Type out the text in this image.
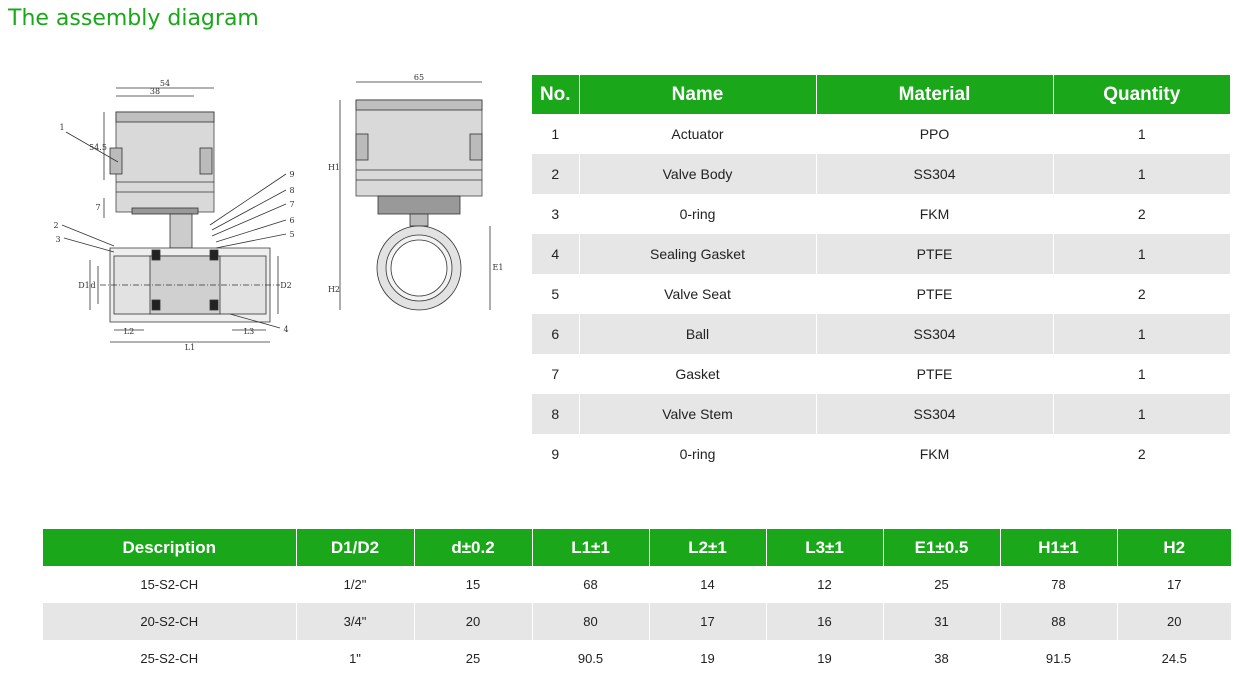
The assembly diagram
1
2
3
4
5
6
7
8
9
54
38
54.5
7
D1 d	D2
L2	L3
L1
65
H1
H2
E1
No.	Name	Material	Quantity
1	Actuator	PPO	1
2	Valve Body	SS304	1
3	0-ring	FKM	2
4	Sealing Gasket	PTFE	1
5	Valve Seat	PTFE	2
6	Ball	SS304	1
7	Gasket	PTFE	1
8	Valve Stem	SS304	1
9	0-ring	FKM	2
Description	D1/D2	d±0.2	L1±1	L2±1	L3±1	E1±0.5	H1±1	H2
15-S2-CH	1/2"	15	68	14	12	25	78	17
20-S2-CH	3/4"	20	80	17	16	31	88	20
25-S2-CH	1"	25	90.5	19	19	38	91.5	24.5
